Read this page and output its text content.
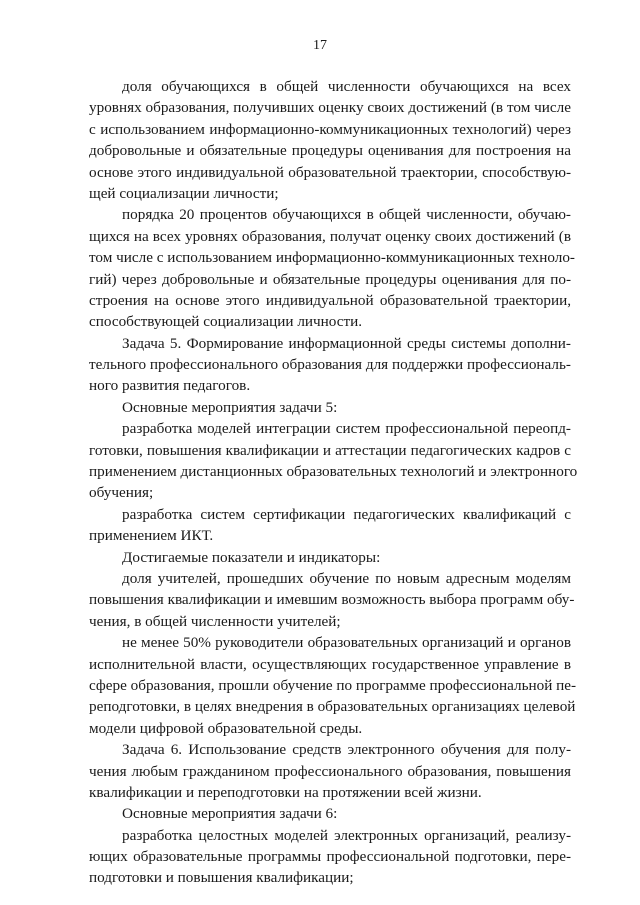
17
доля обучающихся в общей численности обучающихся на всех
уровнях образования, получивших оценку своих достижений (в том числе
с использованием информационно-коммуникационных технологий) через
добровольные и обязательные процедуры оценивания для построения на
основе этого индивидуальной образовательной траектории, способствую-
щей социализации личности;
порядка 20 процентов обучающихся в общей численности, обучаю-
щихся на всех уровнях образования, получат оценку своих достижений (в
том числе с использованием информационно-коммуникационных техноло-
гий) через добровольные и обязательные процедуры оценивания для по-
строения на основе этого индивидуальной образовательной траектории,
способствующей социализации личности.
Задача 5. Формирование информационной среды системы дополни-
тельного профессионального образования для поддержки профессиональ-
ного развития педагогов.
Основные мероприятия задачи 5:
разработка моделей интеграции систем профессиональной переопд-
готовки, повышения квалификации и аттестации педагогических кадров с
применением дистанционных образовательных технологий и электронного
обучения;
разработка систем сертификации педагогических квалификаций с
применением ИКТ.
Достигаемые показатели и индикаторы:
доля учителей, прошедших обучение по новым адресным моделям
повышения квалификации и имевшим возможность выбора программ обу-
чения, в общей численности учителей;
не менее 50% руководители образовательных организаций и органов
исполнительной власти, осуществляющих государственное управление в
сфере образования, прошли обучение по программе профессиональной пе-
реподготовки, в целях внедрения в образовательных организациях целевой
модели цифровой образовательной среды.
Задача 6. Использование средств электронного обучения для полу-
чения любым гражданином профессионального образования, повышения
квалификации и переподготовки на протяжении всей жизни.
Основные мероприятия задачи 6:
разработка целостных моделей электронных организаций, реализу-
ющих образовательные программы профессиональной подготовки, пере-
подготовки и повышения квалификации;
